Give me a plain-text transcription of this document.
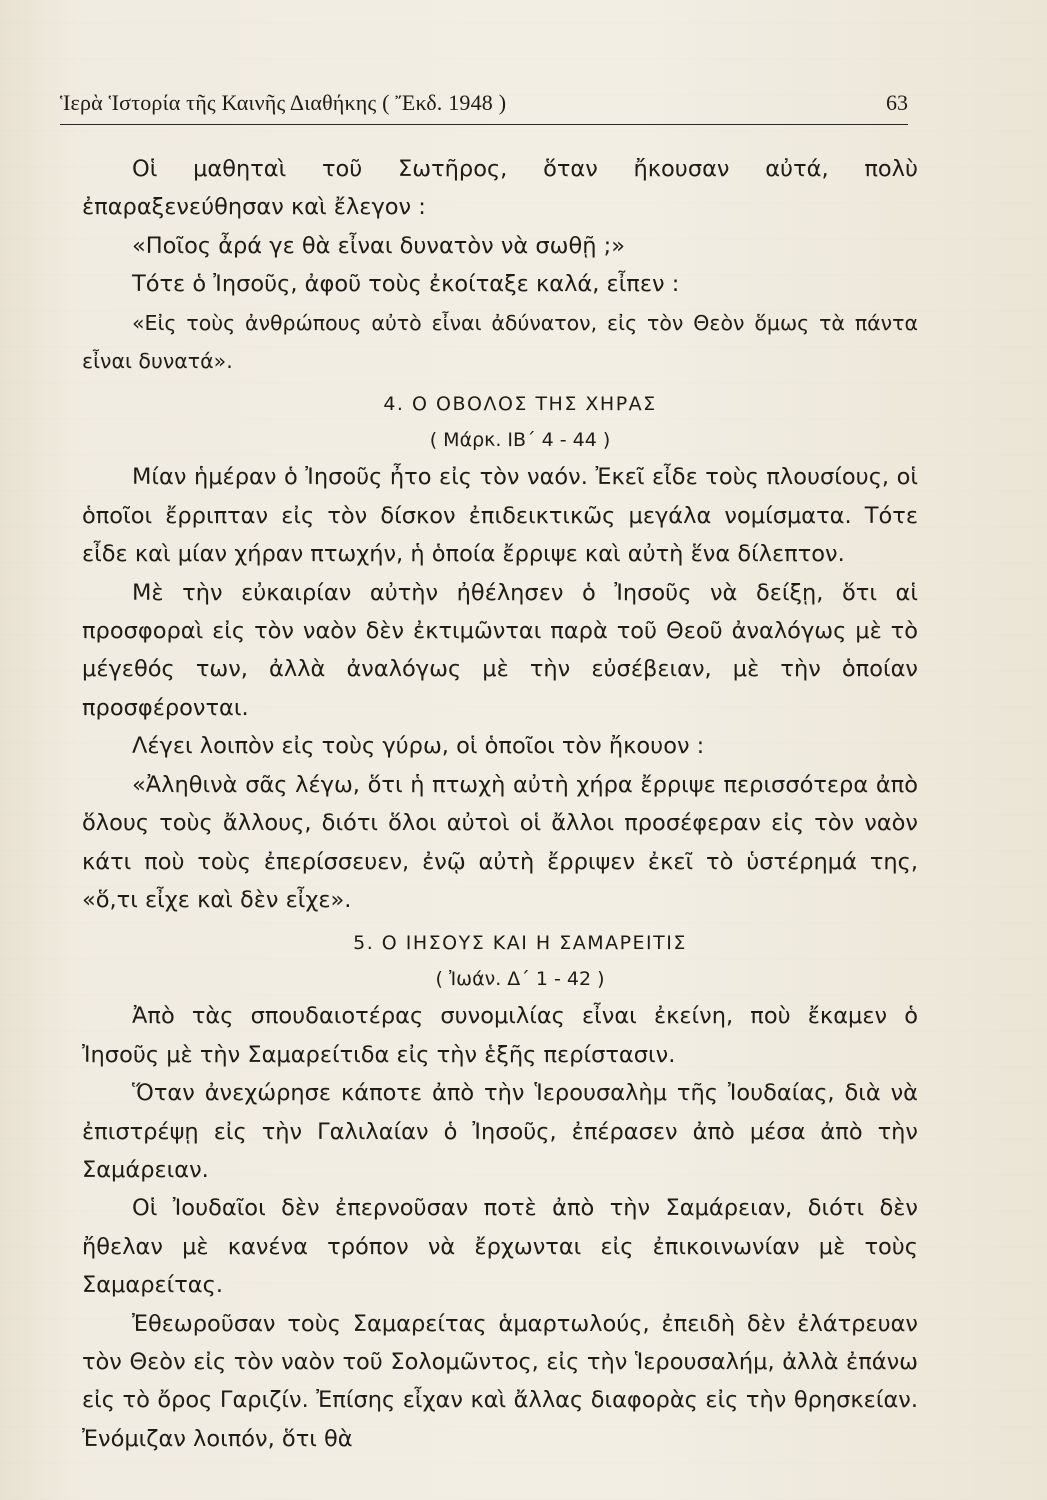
Ἱερὰ Ἱστορία τῆς Καινῆς Διαθήκης ( Ἔκδ. 1948 )	63

Οἱ μαθηταὶ τοῦ Σωτῆρος, ὅταν ἤκουσαν αὐτά, πολὺ ἐπαραξενεύθησαν καὶ ἔλεγον :

«Ποῖος ἆρά γε θὰ εἶναι δυνατὸν νὰ σωθῇ ;»

Τότε ὁ Ἰησοῦς, ἀφοῦ τοὺς ἐκοίταξε καλά, εἶπεν :

«Εἰς τοὺς ἀνθρώπους αὐτὸ εἶναι ἀδύνατον, εἰς τὸν Θεὸν ὅμως τὰ πάντα εἶναι δυνατά».

4. Ο ΟΒΟΛΟΣ ΤΗΣ ΧΗΡΑΣ

( Μάρκ. ΙΒ΄ 4 - 44 )

Μίαν ἡμέραν ὁ Ἰησοῦς ἦτο εἰς τὸν ναόν. Ἐκεῖ εἶδε τοὺς πλουσίους, οἱ ὁποῖοι ἔρριπταν εἰς τὸν δίσκον ἐπιδεικτικῶς μεγάλα νομίσματα. Τότε εἶδε καὶ μίαν χήραν πτωχήν, ἡ ὁποία ἔρριψε καὶ αὐτὴ ἕνα δίλεπτον.

Μὲ τὴν εὐκαιρίαν αὐτὴν ἠθέλησεν ὁ Ἰησοῦς νὰ δείξῃ, ὅτι αἱ προσφοραὶ εἰς τὸν ναὸν δὲν ἐκτιμῶνται παρὰ τοῦ Θεοῦ ἀναλόγως μὲ τὸ μέγεθός των, ἀλλὰ ἀναλόγως μὲ τὴν εὐσέβειαν, μὲ τὴν ὁποίαν προσφέρονται.

Λέγει λοιπὸν εἰς τοὺς γύρω, οἱ ὁποῖοι τὸν ἤκουον :

«Ἀληθινὰ σᾶς λέγω, ὅτι ἡ πτωχὴ αὐτὴ χήρα ἔρριψε περισσότερα ἀπὸ ὅλους τοὺς ἄλλους, διότι ὅλοι αὐτοὶ οἱ ἄλλοι προσέφεραν εἰς τὸν ναὸν κάτι ποὺ τοὺς ἐπερίσσευεν, ἐνῷ αὐτὴ ἔρριψεν ἐκεῖ τὸ ὑστέρημά της, «ὅ,τι εἶχε καὶ δὲν εἶχε».

5. Ο ΙΗΣΟΥΣ ΚΑΙ Η ΣΑΜΑΡΕΙΤΙΣ

( Ἰωάν. Δ΄ 1 - 42 )

Ἀπὸ τὰς σπουδαιοτέρας συνομιλίας εἶναι ἐκείνη, ποὺ ἔκαμεν ὁ Ἰησοῦς μὲ τὴν Σαμαρείτιδα εἰς τὴν ἑξῆς περίστασιν.

Ὅταν ἀνεχώρησε κάποτε ἀπὸ τὴν Ἱερουσαλὴμ τῆς Ἰουδαίας, διὰ νὰ ἐπιστρέψῃ εἰς τὴν Γαλιλαίαν ὁ Ἰησοῦς, ἐπέρασεν ἀπὸ μέσα ἀπὸ τὴν Σαμάρειαν.

Οἱ Ἰουδαῖοι δὲν ἐπερνοῦσαν ποτὲ ἀπὸ τὴν Σαμάρειαν, διότι δὲν ἤθελαν μὲ κανένα τρόπον νὰ ἔρχωνται εἰς ἐπικοινωνίαν μὲ τοὺς Σαμαρείτας.

Ἐθεωροῦσαν τοὺς Σαμαρείτας ἁμαρτωλούς, ἐπειδὴ δὲν ἐλάτρευαν τὸν Θεὸν εἰς τὸν ναὸν τοῦ Σολομῶντος, εἰς τὴν Ἱερουσαλήμ, ἀλλὰ ἐπάνω εἰς τὸ ὄρος Γαριζίν. Ἐπίσης εἶχαν καὶ ἄλλας διαφορὰς εἰς τὴν θρησκείαν. Ἐνόμιζαν λοιπόν, ὅτι θὰ
